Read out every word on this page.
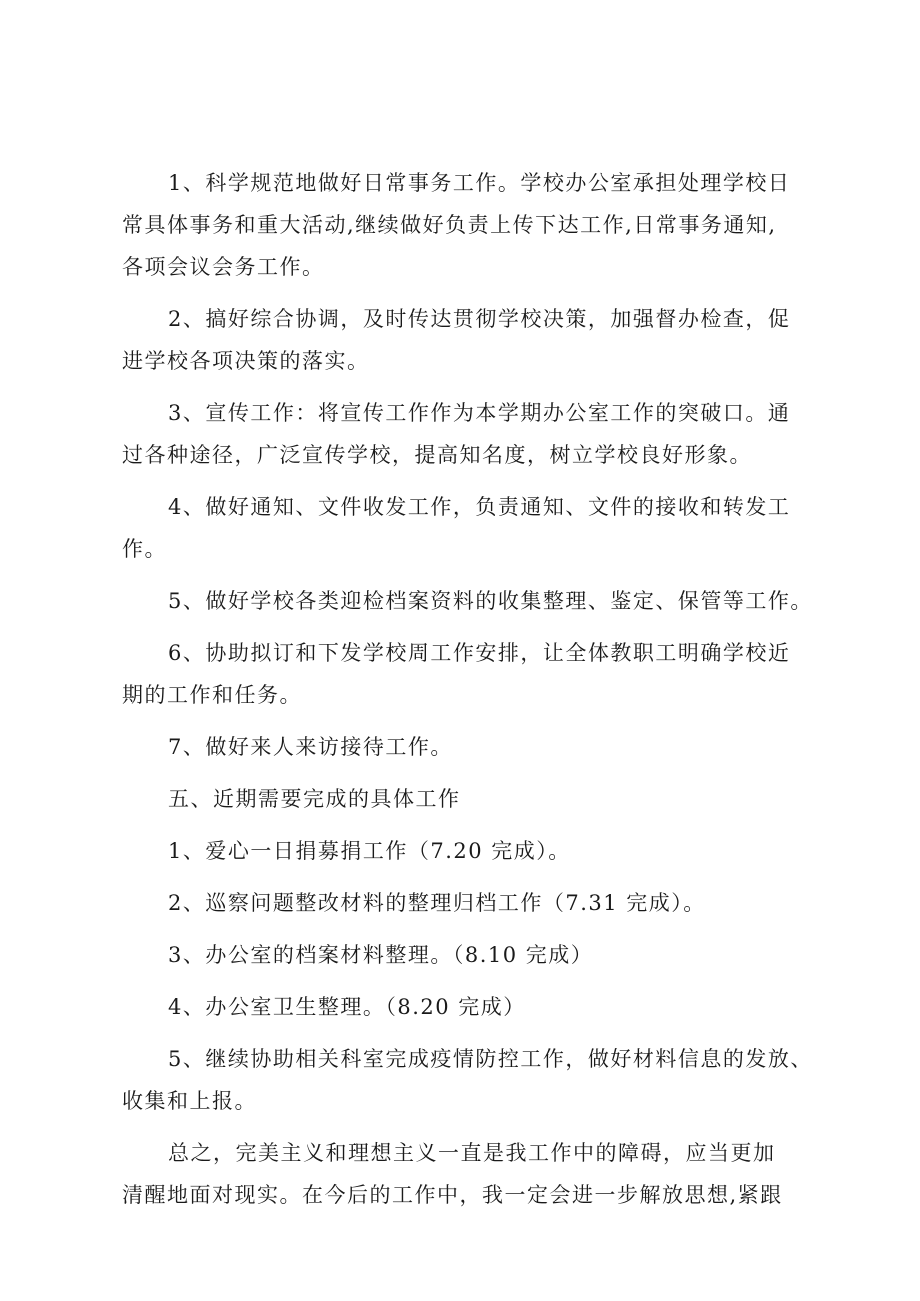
1、科学规范地做好日常事务工作。学校办公室承担处理学校日
常具体事务和重大活动,继续做好负责上传下达工作,日常事务通知,
各项会议会务工作。
2、搞好综合协调，及时传达贯彻学校决策，加强督办检查，促
进学校各项决策的落实。
3、宣传工作：将宣传工作作为本学期办公室工作的突破口。通
过各种途径，广泛宣传学校，提高知名度，树立学校良好形象。
4、做好通知、文件收发工作，负责通知、文件的接收和转发工
作。
5、做好学校各类迎检档案资料的收集整理、鉴定、保管等工作。
6、协助拟订和下发学校周工作安排，让全体教职工明确学校近
期的工作和任务。
7、做好来人来访接待工作。
五、近期需要完成的具体工作
1、爱心一日捐募捐工作（7.20 完成）。
2、巡察问题整改材料的整理归档工作（7.31 完成）。
3、办公室的档案材料整理。（8.10 完成）
4、办公室卫生整理。（8.20 完成）
5、继续协助相关科室完成疫情防控工作，做好材料信息的发放、
收集和上报。
总之，完美主义和理想主义一直是我工作中的障碍，应当更加
清醒地面对现实。在今后的工作中，我一定会进一步解放思想,紧跟
